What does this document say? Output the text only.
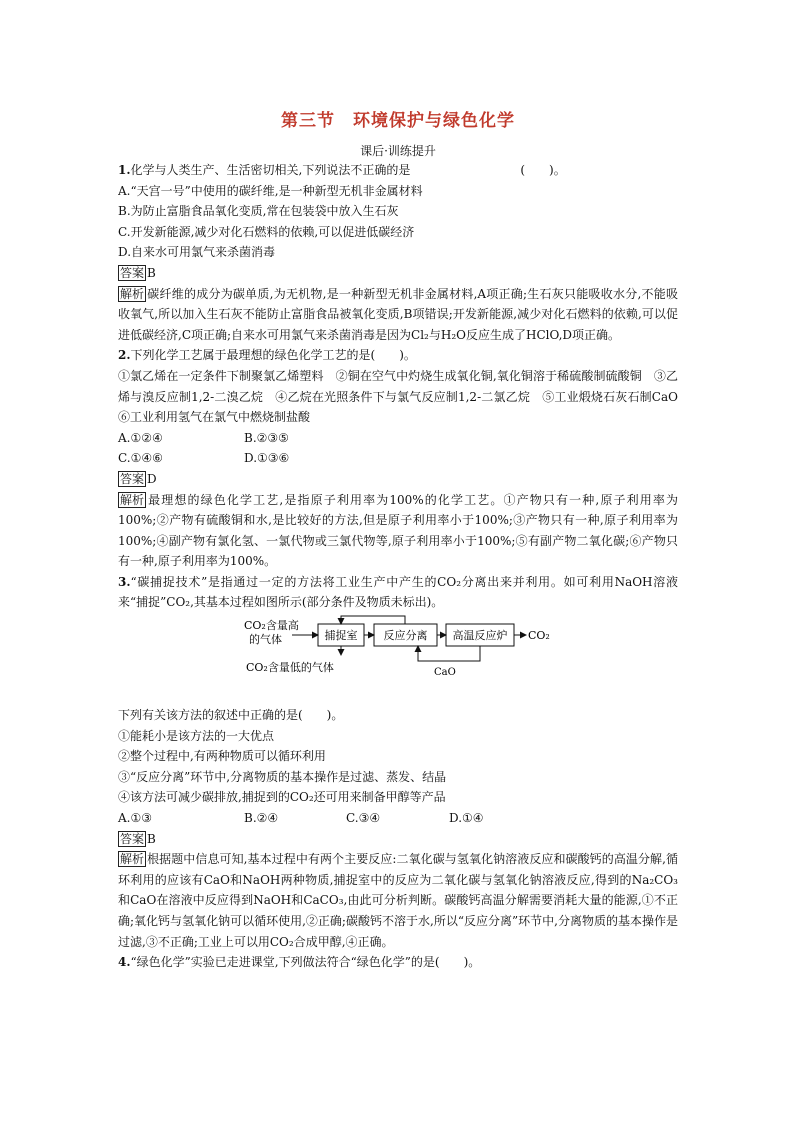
第三节　环境保护与绿色化学
课后·训练提升
1.化学与人类生产、生活密切相关,下列说法不正确的是	(　　)。
A.“天宫一号”中使用的碳纤维,是一种新型无机非金属材料
B.为防止富脂食品氧化变质,常在包装袋中放入生石灰
C.开发新能源,减少对化石燃料的依赖,可以促进低碳经济
D.自来水可用氯气来杀菌消毒
答案 B
解析 碳纤维的成分为碳单质,为无机物,是一种新型无机非金属材料,A项正确;生石灰只能吸收水分,不能吸收氧气,所以加入生石灰不能防止富脂食品被氧化变质,B项错误;开发新能源,减少对化石燃料的依赖,可以促进低碳经济,C项正确;自来水可用氯气来杀菌消毒是因为Cl₂与H₂O反应生成了HClO,D项正确。
2.下列化学工艺属于最理想的绿色化学工艺的是(　　)。
①氯乙烯在一定条件下制聚氯乙烯塑料　②铜在空气中灼烧生成氧化铜,氧化铜溶于稀硫酸制硫酸铜　③乙烯与溴反应制1,2-二溴乙烷　④乙烷在光照条件下与氯气反应制1,2-二氯乙烷　⑤工业煅烧石灰石制CaO　⑥工业利用氢气在氯气中燃烧制盐酸
A.①②④	B.②③⑤
C.①④⑥	D.①③⑥
答案 D
解析 最理想的绿色化学工艺,是指原子利用率为100%的化学工艺。①产物只有一种,原子利用率为100%;②产物有硫酸铜和水,是比较好的方法,但是原子利用率小于100%;③产物只有一种,原子利用率为100%;④副产物有氯化氢、一氯代物或三氯代物等,原子利用率小于100%;⑤有副产物二氧化碳;⑥产物只有一种,原子利用率为100%。
3.“碳捕捉技术”是指通过一定的方法将工业生产中产生的CO₂分离出来并利用。如可利用NaOH溶液来“捕捉”CO₂,其基本过程如图所示(部分条件及物质未标出)。
CO₂含量高
的气体	捕捉室 反应分离 高温反应炉 CO₂
CO₂含量低的气体	CaO
下列有关该方法的叙述中正确的是(　　)。
①能耗小是该方法的一大优点
②整个过程中,有两种物质可以循环利用
③“反应分离”环节中,分离物质的基本操作是过滤、蒸发、结晶
④该方法可减少碳排放,捕捉到的CO₂还可用来制备甲醇等产品
A.①③	B.②④	C.③④	D.①④
答案 B
解析 根据题中信息可知,基本过程中有两个主要反应:二氧化碳与氢氧化钠溶液反应和碳酸钙的高温分解,循环利用的应该有CaO和NaOH两种物质,捕捉室中的反应为二氧化碳与氢氧化钠溶液反应,得到的Na₂CO₃和CaO在溶液中反应得到NaOH和CaCO₃,由此可分析判断。碳酸钙高温分解需要消耗大量的能源,①不正确;氧化钙与氢氧化钠可以循环使用,②正确;碳酸钙不溶于水,所以“反应分离”环节中,分离物质的基本操作是过滤,③不正确;工业上可以用CO₂合成甲醇,④正确。
4.“绿色化学”实验已走进课堂,下列做法符合“绿色化学”的是(　　)。
